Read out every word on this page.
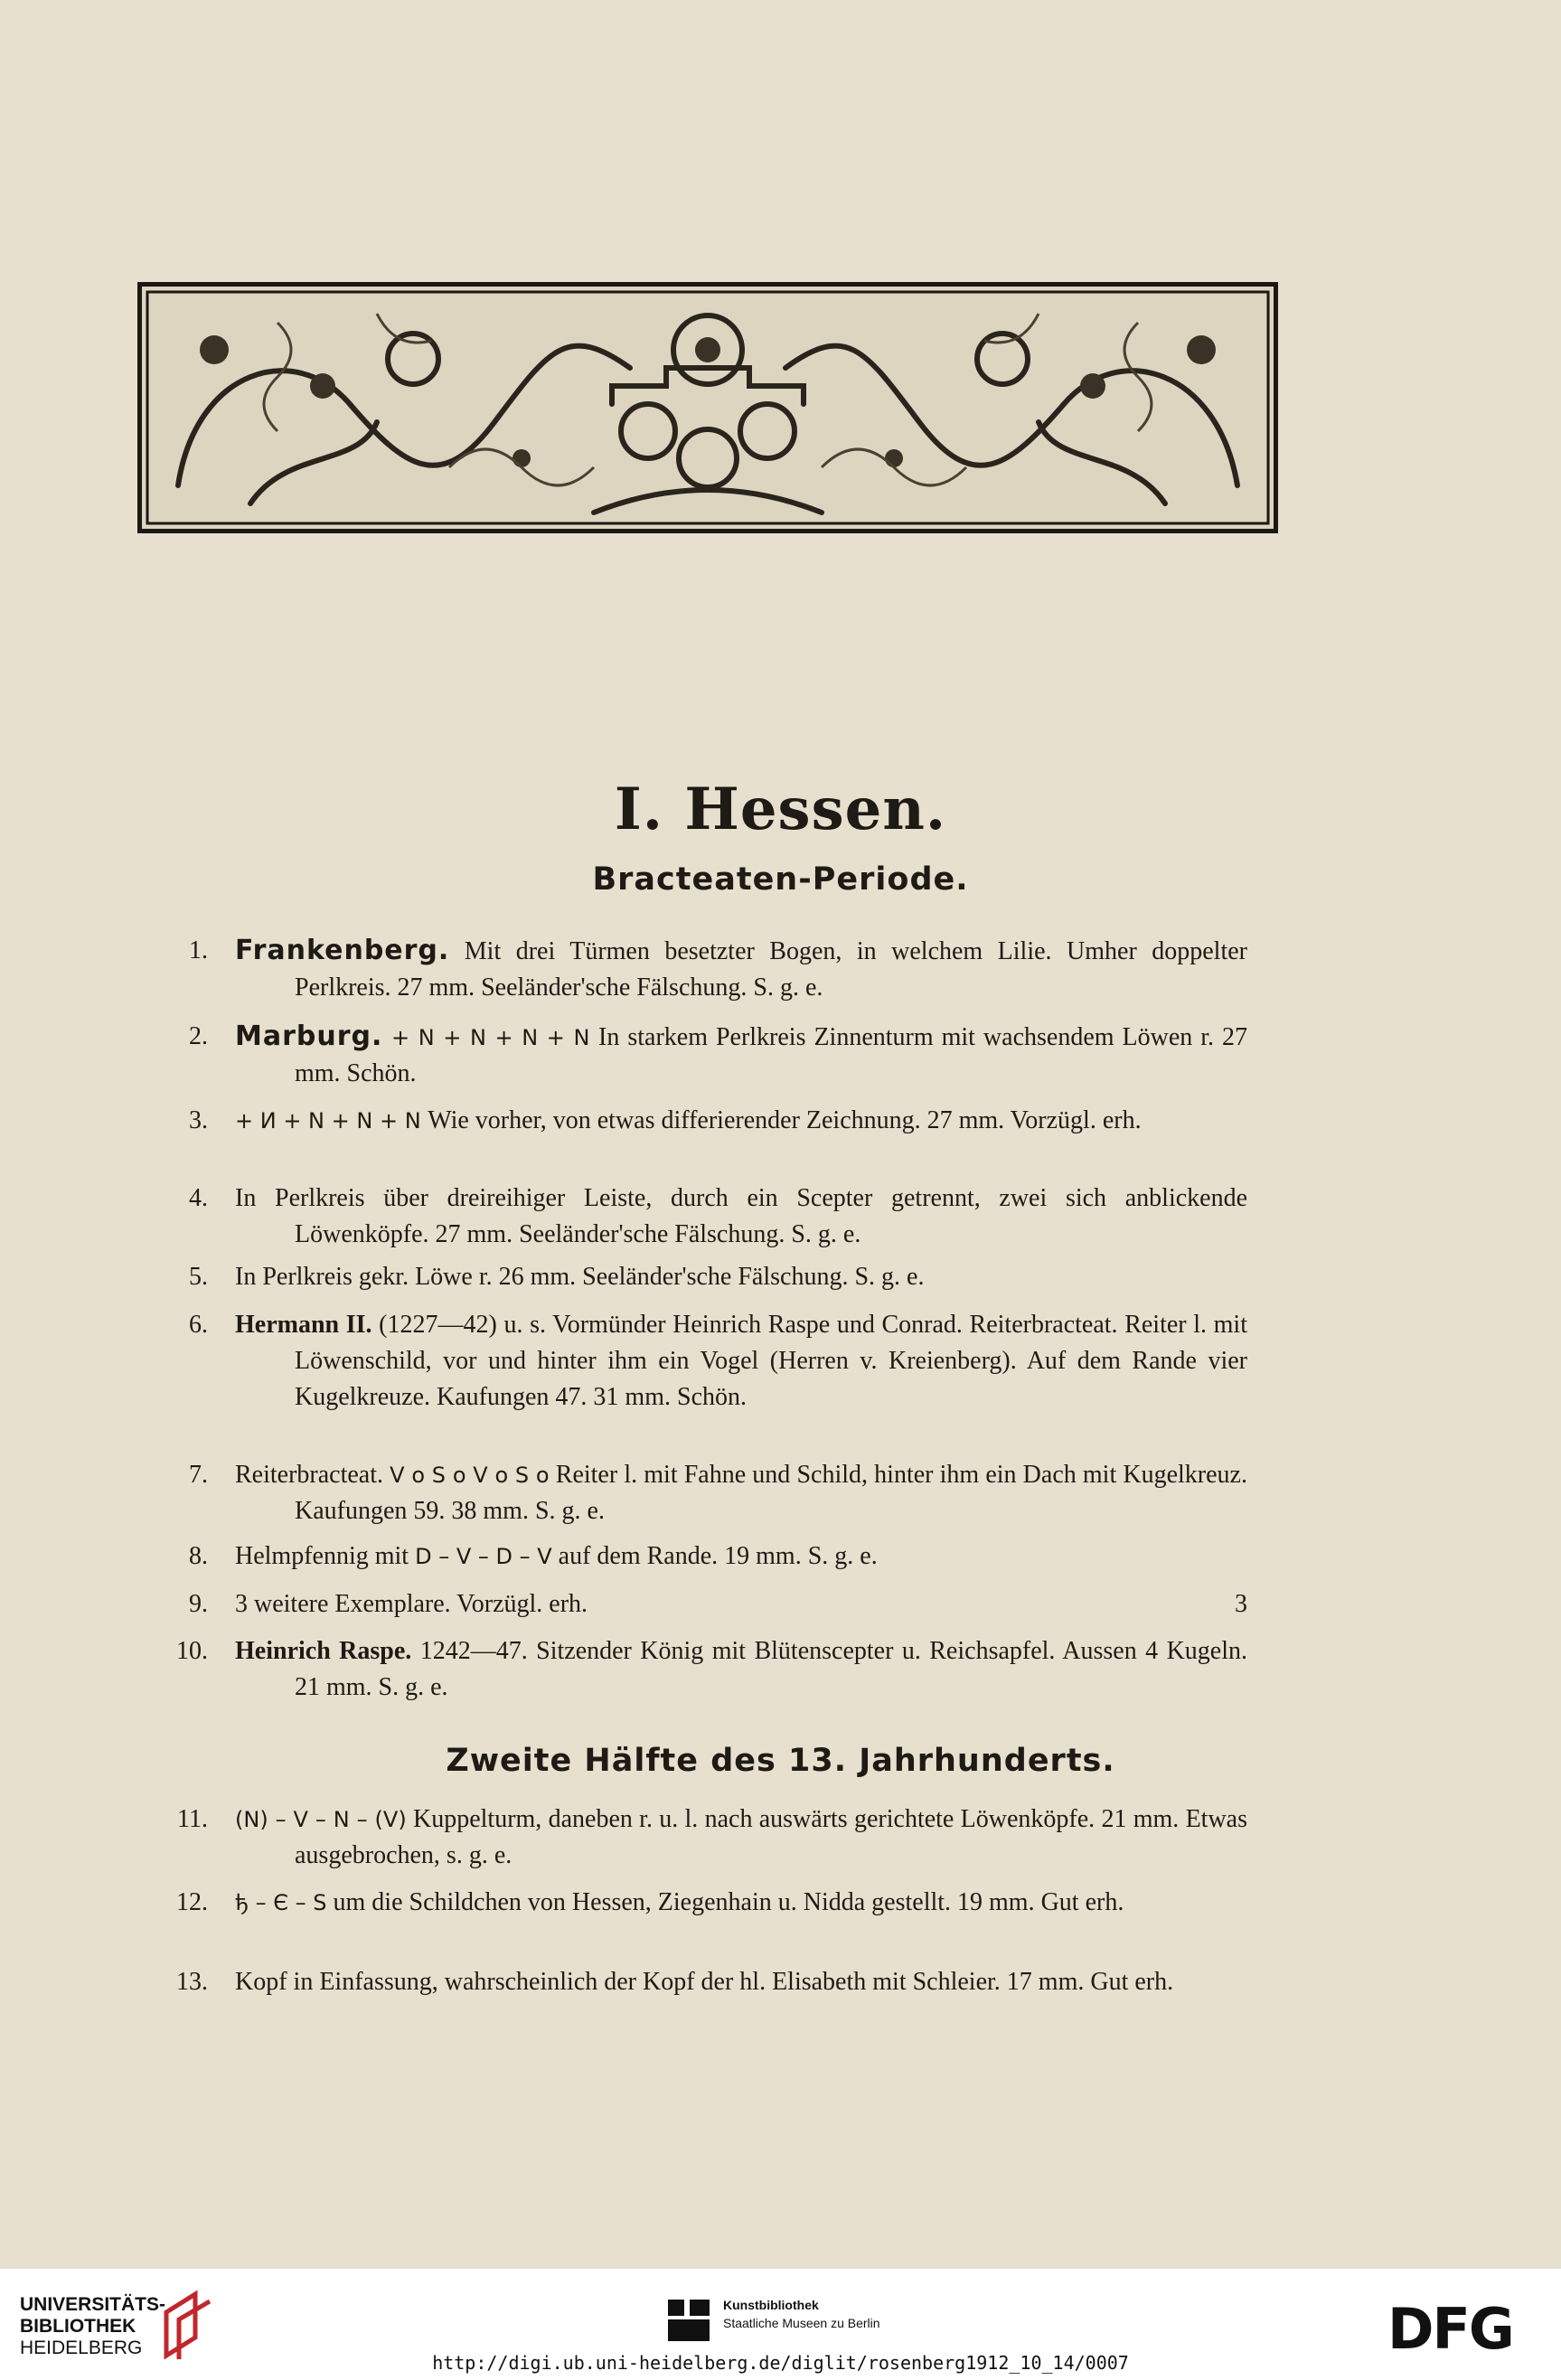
I. Hessen.
Bracteaten-Periode.
1. Frankenberg. Mit drei Türmen besetzter Bogen, in welchem Lilie. Umher doppelter Perlkreis. 27 mm. Seeländer'sche Fälschung. S. g. e.
2. Marburg. + N + N + N + N In starkem Perlkreis Zinnenturm mit wachsendem Löwen r. 27 mm. Schön.
3. + И + N + N + N Wie vorher, von etwas differierender Zeichnung. 27 mm. Vorzügl. erh.
4. In Perlkreis über dreireihiger Leiste, durch ein Scepter getrennt, zwei sich anblickende Löwenköpfe. 27 mm. Seeländer'sche Fälschung. S. g. e.
5. In Perlkreis gekr. Löwe r. 26 mm. Seeländer'sche Fälschung. S. g. e.
6. Hermann II. (1227—42) u. s. Vormünder Heinrich Raspe und Conrad. Reiterbracteat. Reiter l. mit Löwenschild, vor und hinter ihm ein Vogel (Herren v. Kreienberg). Auf dem Rande vier Kugelkreuze. Kaufungen 47. 31 mm. Schön.
7. Reiterbracteat. V o S o V o S o Reiter l. mit Fahne und Schild, hinter ihm ein Dach mit Kugelkreuz. Kaufungen 59. 38 mm. S. g. e.
8. Helmpfennig mit D – V – D – V auf dem Rande. 19 mm. S. g. e.
9. 3 weitere Exemplare. Vorzügl. erh.	3
10. Heinrich Raspe. 1242—47. Sitzender König mit Blütenscepter u. Reichsapfel. Aussen 4 Kugeln. 21 mm. S. g. e.
Zweite Hälfte des 13. Jahrhunderts.
11. (N) – V – N – (V) Kuppelturm, daneben r. u. l. nach auswärts gerichtete Löwenköpfe. 21 mm. Etwas ausgebrochen, s. g. e.
12. ђ – Є – S um die Schildchen von Hessen, Ziegenhain u. Nidda gestellt. 19 mm. Gut erh.
13. Kopf in Einfassung, wahrscheinlich der Kopf der hl. Elisabeth mit Schleier. 17 mm. Gut erh.
UNIVERSITÄTS-
BIBLIOTHEK
HEIDELBERG
Kunstbibliothek
Staatliche Museen zu Berlin	DFG
http://digi.ub.uni-heidelberg.de/diglit/rosenberg1912_10_14/0007
